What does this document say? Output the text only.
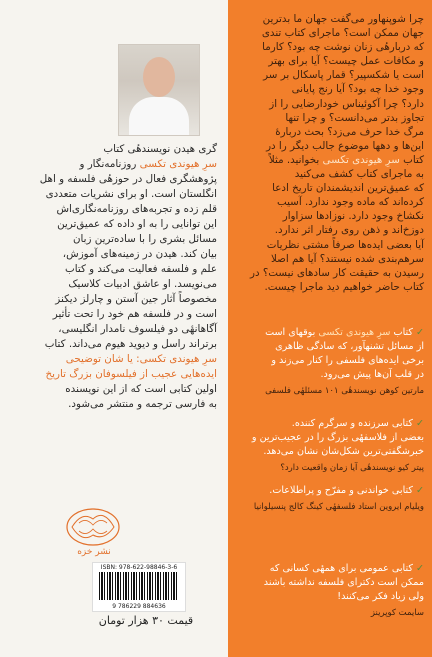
گری هیدن نویسندهٔی کتاب
سرِ هیوندی تکسی روزنامه‌نگار و
پژوهشگری فعال در حوزهٔی فلسفه و اهل
انگلستان است. او برای نشریات متعددی
قلم زده و تجربه‌های روزنامه‌نگاری‌اش
این توانایی را به او داده که عمیق‌ترین
مسائل بشری را با ساده‌ترین زبان
بیان کند. هیدن در زمینه‌های آموزش،
علم و فلسفه فعالیت می‌کند و کتاب
می‌نویسد. او عاشق ادبیات کلاسیک
مخصوصاً آثار جین آستن و چارلز دیکنز
است و در فلسفه هم خود را تحت تأثیر
آگاهانهٔی دو فیلسوف نامدار انگلیسی،
برتراند راسل و دیوید هیوم می‌داند. کتاب
سرِ هیوندی تکسی: یا شان توضیحی
ایده‌هایی عجیب از فیلسوفان بزرگ تاریخ
اولین کتابی است که از این نویسنده
به فارسی ترجمه و منتشر می‌شود.
نشر خزه
ISBN: 978-622-98846-3-6
9 786229 884636
قیمت ۳۰ هزار تومان
چرا شوپنهاور می‌گفت جهان ما بدترین
جهان ممکن است؟ ماجرای کتاب تندی
که دربارهٔی زنان نوشت چه بود؟ کارما
و مکافات عمل چیست؟ آیا برای بهتر
است یا شکسپیر؟ قمار پاسکال بر سر
وجود خدا چه بود؟ آیا رنج پایانی
دارد؟ چرا آکوئیناس خودارضایی را از
تجاوز بدتر می‌دانست؟ و چرا تنها
مرگ خدا حرف می‌زد؟ بحث دربارهٔ
این‌ها و دهها موضوع جالب دیگر را در
کتاب سرِ هیوندی تکسی بخوانید. مثلاً
به ماجرای کتاب کشف می‌کنید
که عمیق‌ترین اندیشمندان تاریخ ادعا
کرده‌اند که ماده وجود ندارد. آسیب
نکشاخ وجود دارد. نوزادها سزاوار
دوزخ‌اند و ذهن روی رفتار اثر ندارد.
آیا بعضی ایده‌ها صرفاً مشتی نظریات
سرهم‌بندی شده نیستند؟ آیا هم اصلا
رسیدن به حقیقت کار سادهای نیست؟ در
کتاب حاضر خواهیم دید ماجرا چیست.
✓کتاب سرِ هیوندی تکسی بوقهای است
از مسائل تشنهآور، که سادگی ظاهری
برخی ایده‌های فلسفی را کنار می‌زند و
در قلب آن‌ها پیش می‌رود.
مارتین کوهن نویسندهٔی ۱۰۱ مسئلهٔی فلسفی
✓کتابی سرزنده و سرگرم کننده.
بعضی از فلاسفهٔی بزرگ را در عجیب‌ترین و
خبرشگفتی‌ترین شکل‌شان نشان می‌دهد.
پیتر کیو نویسندهٔی آیا زمان واقعیت دارد؟
✓کتابی خواندنی و مفرّح و پراطلاعات.
ویلیام ایروین استاد فلسفهٔی کینگ کالج پنسیلوانیا
✓کتابی عمومی برای همهٔی کسانی که
ممکن است دکترای فلسفه نداشته باشند
ولی زیاد فکر می‌کنند!
سایمت کوپرینز
